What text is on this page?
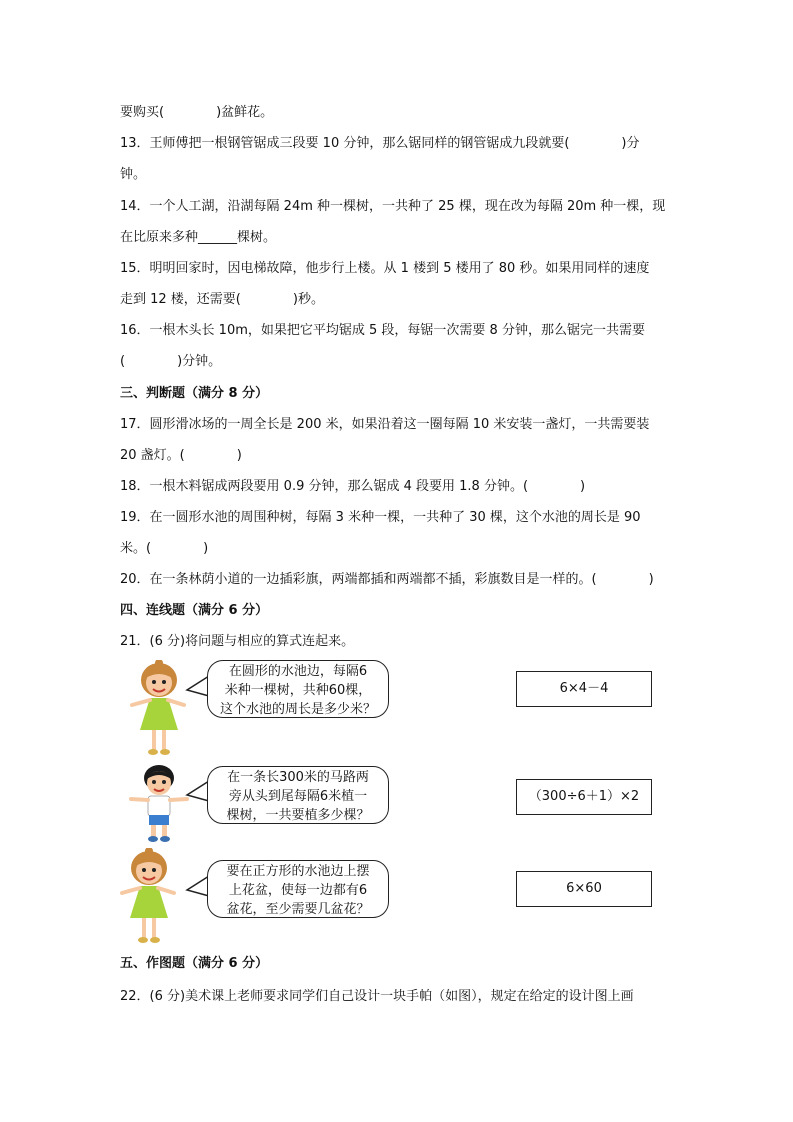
要购买(　　　　)盆鲜花。
13．王师傅把一根钢管锯成三段要 10 分钟，那么锯同样的钢管锯成九段就要(　　　　)分
钟。
14．一个人工湖，沿湖每隔 24m 种一棵树，一共种了 25 棵，现在改为每隔 20m 种一棵，现
在比原来多种______棵树。
15．明明回家时，因电梯故障，他步行上楼。从 1 楼到 5 楼用了 80 秒。如果用同样的速度
走到 12 楼，还需要(　　　　)秒。
16．一根木头长 10m，如果把它平均锯成 5 段，每锯一次需要 8 分钟，那么锯完一共需要
(　　　　)分钟。
三、判断题（满分 8 分）
17．圆形滑冰场的一周全长是 200 米，如果沿着这一圈每隔 10 米安装一盏灯，一共需要装
20 盏灯。(　　　　)
18．一根木料锯成两段要用 0.9 分钟，那么锯成 4 段要用 1.8 分钟。(　　　　)
19．在一圆形水池的周围种树，每隔 3 米种一棵，一共种了 30 棵，这个水池的周长是 90
米。(　　　　)
20．在一条林荫小道的一边插彩旗，两端都插和两端都不插，彩旗数目是一样的。(　　　　)
四、连线题（满分 6 分）
21．(6 分)将问题与相应的算式连起来。
在圆形的水池边，每隔6
米种一棵树，共种60棵，
这个水池的周长是多少米？
6×4－4
在一条长300米的马路两
旁从头到尾每隔6米植一
棵树，一共要植多少棵？
（300÷6＋1）×2
要在正方形的水池边上摆
上花盆，使每一边都有6
盆花，至少需要几盆花？
6×60
五、作图题（满分 6 分）
22．(6 分)美术课上老师要求同学们自己设计一块手帕（如图），规定在给定的设计图上画
